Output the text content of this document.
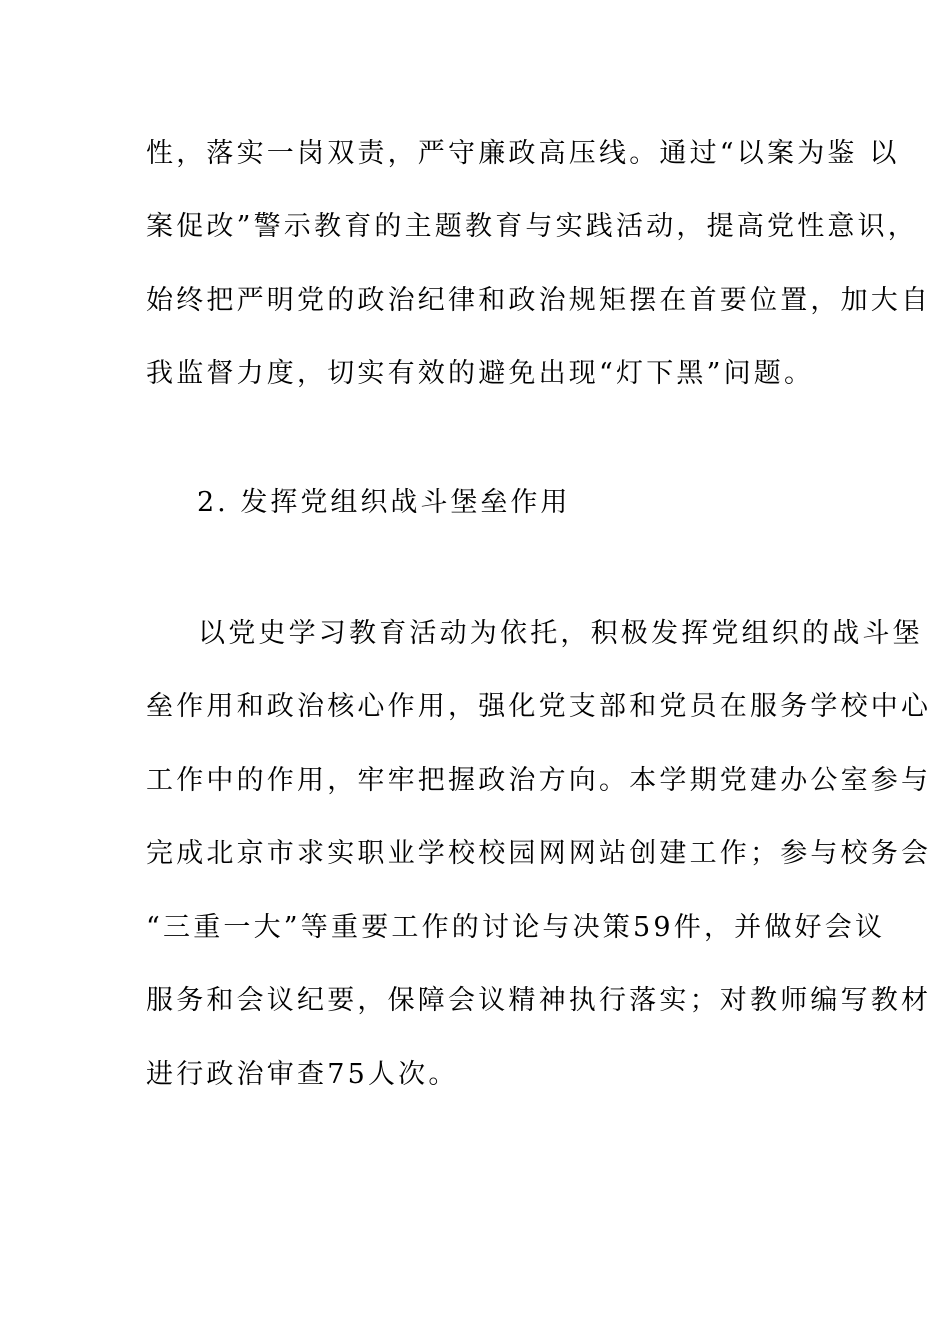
性，落实一岗双责，严守廉政高压线。通过“以案为鉴 以
案促改”警示教育的主题教育与实践活动，提高党性意识，
始终把严明党的政治纪律和政治规矩摆在首要位置，加大自
我监督力度，切实有效的避免出现“灯下黑”问题。
2. 发挥党组织战斗堡垒作用
以党史学习教育活动为依托，积极发挥党组织的战斗堡
垒作用和政治核心作用，强化党支部和党员在服务学校中心
工作中的作用，牢牢把握政治方向。本学期党建办公室参与
完成北京市求实职业学校校园网网站创建工作；参与校务会
“三重一大”等重要工作的讨论与决策59件，并做好会议
服务和会议纪要，保障会议精神执行落实；对教师编写教材
进行政治审查75人次。
